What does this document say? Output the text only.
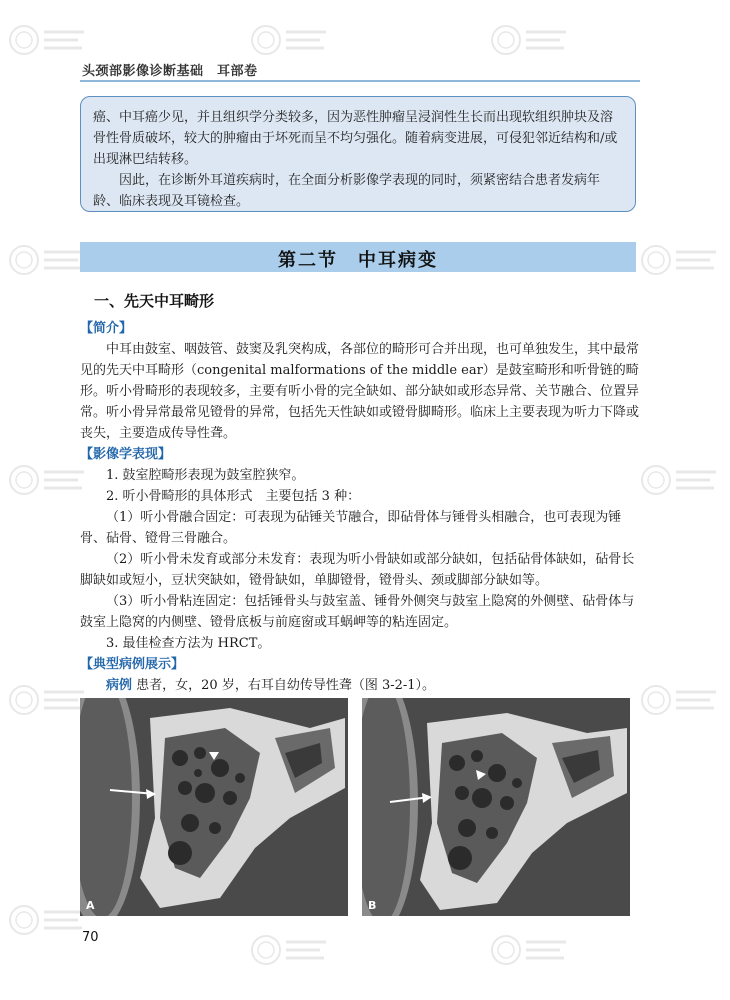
头颈部影像诊断基础　耳部卷

癌、中耳癌少见，并且组织学分类较多，因为恶性肿瘤呈浸润性生长而出现软组织肿块及溶骨性骨质破坏，较大的肿瘤由于坏死而呈不均匀强化。随着病变进展，可侵犯邻近结构和/或出现淋巴结转移。

因此，在诊断外耳道疾病时，在全面分析影像学表现的同时，须紧密结合患者发病年龄、临床表现及耳镜检查。

第二节　中耳病变
一、先天中耳畸形
【简介】

中耳由鼓室、咽鼓管、鼓窦及乳突构成，各部位的畸形可合并出现，也可单独发生，其中最常见的先天中耳畸形（congenital malformations of the middle ear）是鼓室畸形和听骨链的畸形。听小骨畸形的表现较多，主要有听小骨的完全缺如、部分缺如或形态异常、关节融合、位置异常。听小骨异常最常见镫骨的异常，包括先天性缺如或镫骨脚畸形。临床上主要表现为听力下降或丧失，主要造成传导性聋。

【影像学表现】

1. 鼓室腔畸形表现为鼓室腔狭窄。

2. 听小骨畸形的具体形式　主要包括 3 种：

（1）听小骨融合固定：可表现为砧锤关节融合，即砧骨体与锤骨头相融合，也可表现为锤骨、砧骨、镫骨三骨融合。

（2）听小骨未发育或部分未发育：表现为听小骨缺如或部分缺如，包括砧骨体缺如，砧骨长脚缺如或短小，豆状突缺如，镫骨缺如，单脚镫骨，镫骨头、颈或脚部分缺如等。

（3）听小骨粘连固定：包括锤骨头与鼓室盖、锤骨外侧突与鼓室上隐窝的外侧壁、砧骨体与鼓室上隐窝的内侧壁、镫骨底板与前庭窗或耳蜗岬等的粘连固定。

3. 最佳检查方法为 HRCT。

【典型病例展示】

病例 患者，女，20 岁，右耳自幼传导性聋（图 3-2-1）。

A	B
70
